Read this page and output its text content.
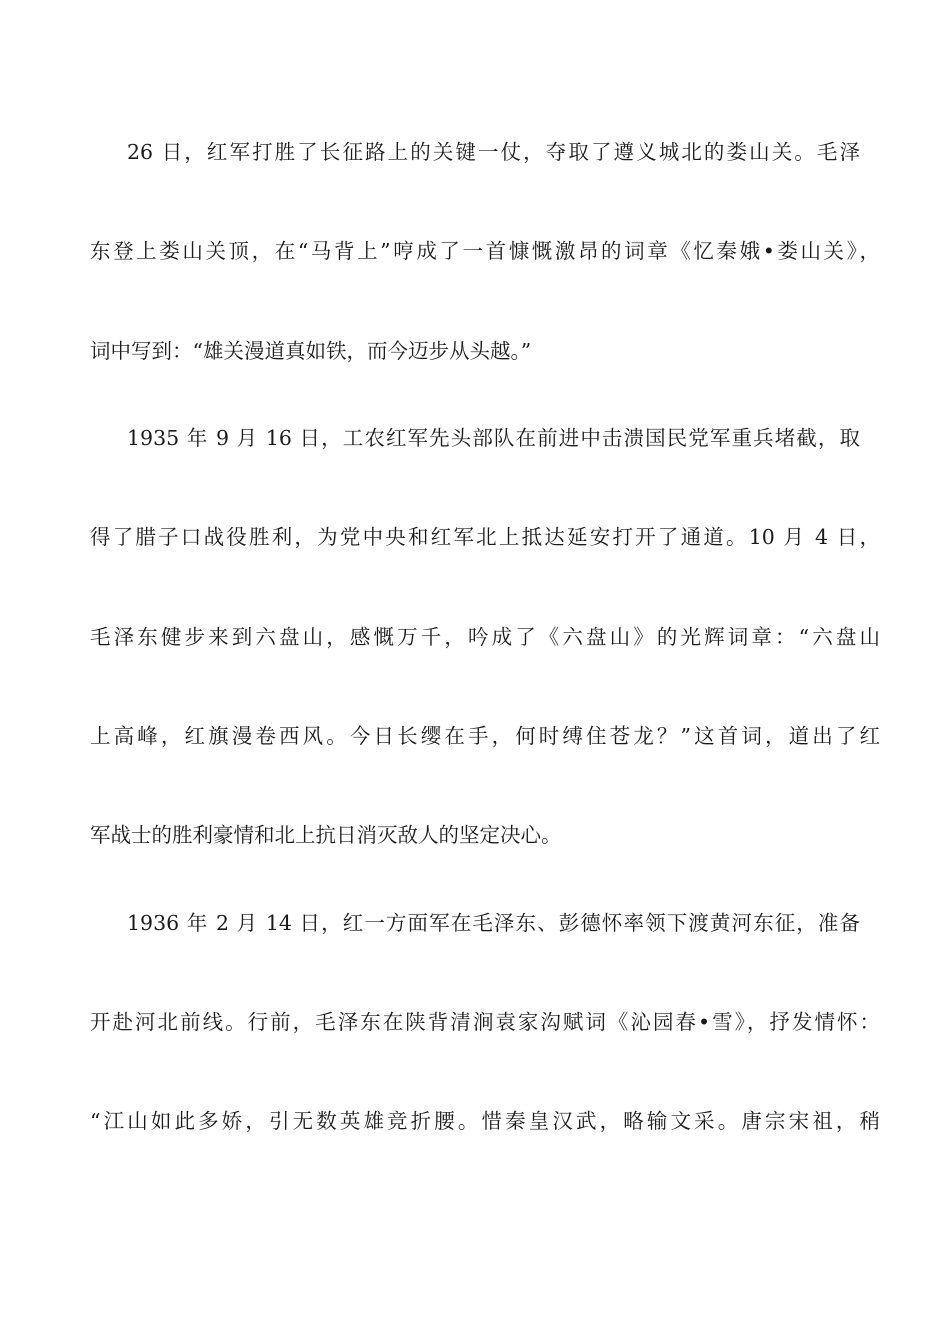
26 日，红军打胜了长征路上的关键一仗，夺取了遵义城北的娄山关。毛泽
东登上娄山关顶，在“马背上”哼成了一首慷慨激昂的词章《忆秦娥•娄山关》，
词中写到：“雄关漫道真如铁，而今迈步从头越。”
1935 年 9 月 16 日，工农红军先头部队在前进中击溃国民党军重兵堵截，取
得了腊子口战役胜利，为党中央和红军北上抵达延安打开了通道。10 月 4 日，
毛泽东健步来到六盘山，感慨万千，吟成了《六盘山》的光辉词章：“六盘山
上高峰，红旗漫卷西风。今日长缨在手，何时缚住苍龙？”这首词，道出了红
军战士的胜利豪情和北上抗日消灭敌人的坚定决心。
1936 年 2 月 14 日，红一方面军在毛泽东、彭德怀率领下渡黄河东征，准备
开赴河北前线。行前，毛泽东在陕背清涧袁家沟赋词《沁园春•雪》，抒发情怀：
“江山如此多娇，引无数英雄竞折腰。惜秦皇汉武，略输文采。唐宗宋祖，稍
